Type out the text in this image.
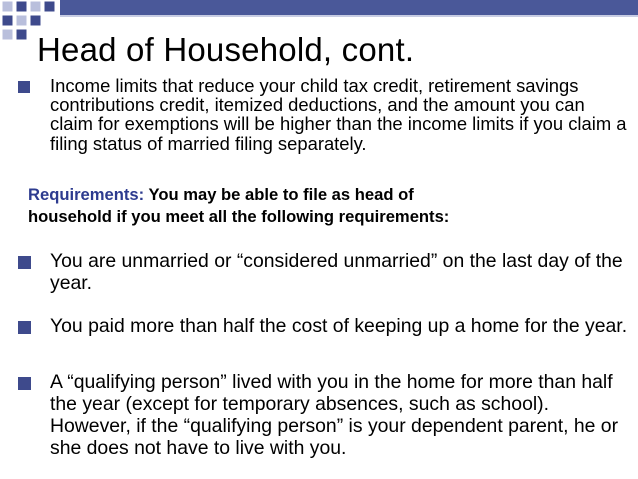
Head of Household, cont.
Income limits that reduce your child tax credit, retirement savings contributions credit, itemized deductions, and the amount you can claim for exemptions will be higher than the income limits if you claim a filing status of married filing separately.
Requirements: You may be able to file as head of
household if you meet all the following requirements:
You are unmarried or “considered unmarried” on the last day of the year.
You paid more than half the cost of keeping up a home for the year.
A “qualifying person” lived with you in the home for more than half the year (except for temporary absences, such as school). However, if the “qualifying person” is your dependent parent, he or she does not have to live with you.
